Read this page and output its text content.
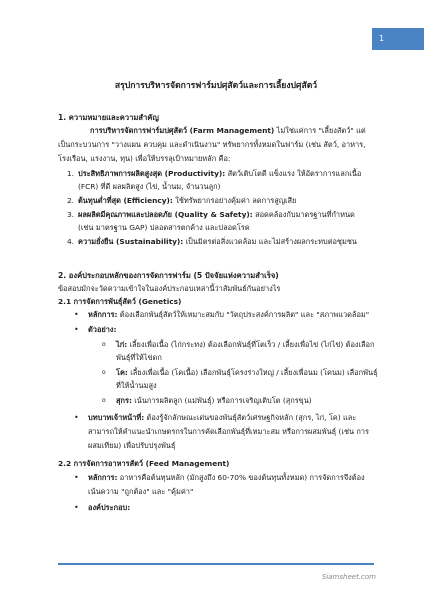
1
สรุปการบริหารจัดการฟาร์มปศุสัตว์และการเลี้ยงปศุสัตว์
1. ความหมายและความสำคัญ
การบริหารจัดการฟาร์มปศุสัตว์ (Farm Management) ไม่ใช่แค่การ "เลี้ยงสัตว์" แต่
เป็นกระบวนการ "วางแผน ควบคุม และดำเนินงาน" ทรัพยากรทั้งหมดในฟาร์ม (เช่น สัตว์, อาหาร,
โรงเรือน, แรงงาน, ทุน) เพื่อให้บรรลุเป้าหมายหลัก คือ:
1. ประสิทธิภาพการผลิตสูงสุด (Productivity): สัตว์เติบโตดี แข็งแรง ให้อัตราการแลกเนื้อ
(FCR) ที่ดี ผลผลิตสูง (ไข่, น้ำนม, จำนวนลูก)
2. ต้นทุนต่ำที่สุด (Efficiency): ใช้ทรัพยากรอย่างคุ้มค่า ลดการสูญเสีย
3. ผลผลิตมีคุณภาพและปลอดภัย (Quality & Safety): สอดคล้องกับมาตรฐานที่กำหนด
(เช่น มาตรฐาน GAP) ปลอดสารตกค้าง และปลอดโรค
4. ความยั่งยืน (Sustainability): เป็นมิตรต่อสิ่งแวดล้อม และไม่สร้างผลกระทบต่อชุมชน
2. องค์ประกอบหลักของการจัดการฟาร์ม (5 ปัจจัยแห่งความสำเร็จ)
ข้อสอบมักจะวัดความเข้าใจในองค์ประกอบเหล่านี้ว่าสัมพันธ์กันอย่างไร
2.1 การจัดการพันธุ์สัตว์ (Genetics)
• หลักการ: ต้องเลือกพันธุ์สัตว์ให้เหมาะสมกับ "วัตถุประสงค์การผลิต" และ "สภาพแวดล้อม"
• ตัวอย่าง:
o	ไก่: เลี้ยงเพื่อเนื้อ (ไก่กระทง) ต้องเลือกพันธุ์ที่โตเร็ว / เลี้ยงเพื่อไข่ (ไก่ไข่) ต้องเลือก
พันธุ์ที่ให้ไข่ดก
o	โค: เลี้ยงเพื่อเนื้อ (โคเนื้อ) เลือกพันธุ์โครงร่างใหญ่ / เลี้ยงเพื่อนม (โคนม) เลือกพันธุ์
ที่ให้น้ำนมสูง
o	สุกร: เน้นการผลิตลูก (แม่พันธุ์) หรือการเจริญเติบโต (สุกรขุน)
• บทบาทเจ้าหน้าที่: ต้องรู้จักลักษณะเด่นของพันธุ์สัตว์เศรษฐกิจหลัก (สุกร, ไก่, โค) และ
สามารถให้คำแนะนำเกษตรกรในการคัดเลือกพันธุ์ที่เหมาะสม หรือการผสมพันธุ์ (เช่น การ
ผสมเทียม) เพื่อปรับปรุงพันธุ์
2.2 การจัดการอาหารสัตว์ (Feed Management)
• หลักการ: อาหารคือต้นทุนหลัก (มักสูงถึง 60-70% ของต้นทุนทั้งหมด) การจัดการจึงต้อง
เน้นความ "ถูกต้อง" และ "คุ้มค่า"
• องค์ประกอบ:
Siamsheet.com
